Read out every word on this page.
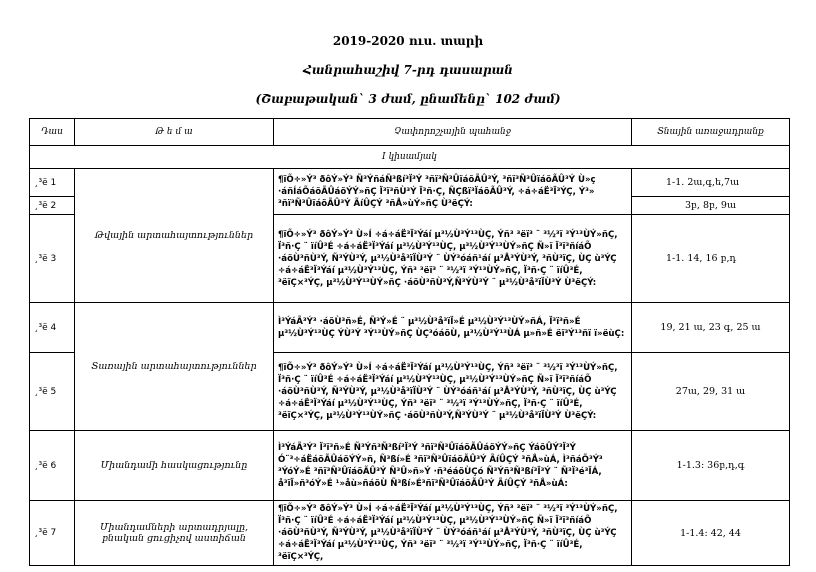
2019-2020 ուս. տարի
Հանրահաշիվ 7-րդ դասարան
(Շաբաթական` 3 ժամ, ընամենը` 102 ժամ)
Դաս	Թ ե մ ա	Չափորոշչային պահանջ	Տնային առաջադրանք
I կիսամյակ			
¸³ë 1	Թվային արտահայտություններ	¶ïÕ÷»Ý³ ðôÝ»Ý³ Ñ³ÝñáÑ³ßí³Ï³Ý ³ñï³Ñ³ÛïáõÃÛ³Ý, ³ñï³Ñ³ÛïáõÃÛ³Ý Ù»ç ·áñÍáÕáõÃÛáõÝÝ»ñÇ Ï³ï³ñÙ³Ý Ï³ñ·Ç, ÑÇßï³ÏáõÃÛ³Ý, ÷á÷áË³Ï³ÝÇ, Ý³» ³ñï³Ñ³ÛïáõÃÛ³Ý ÃíÛÇÝ ³ñÅ»ùÝ»ñÇ Ù³ëÇÝ:	1-1. 2ա,գ,ե,7ա
¸³ë 2			3բ, 8բ, 9ա
¸³ë 3		¶ïÕ÷»Ý³ ðôÝ»Ý³ Ù»Í ÷á÷áË³Ï³Ýáí µ³½Ù³Ý¹³ÙÇ, Ýñ³ ³ëï³ ¨ ³½³ï ³Ý¹³ÙÝ»ñÇ, Ï³ñ·Ç ¨ ïíÛ³É ÷á÷áË³Ï³Ýáí µ³½Ù³Ý¹³ÙÇ, µ³½Ù³Ý¹³ÙÝ»ñÇ Ñ»ï Ï³ï³ñíáÕ ·áõÙ³ñÙ³Ý, Ñ³ÝÙ³Ý, µ³½Ù³å³ïÏÙ³Ý ¨ ÙÝ³óáñ¹áí µ³Å³ÝÙ³Ý, ³ñÙ³ïÇ, ÙÇ ù³ÝÇ ÷á÷áË³Ï³Ýáí µ³½Ù³Ý¹³ÙÇ, Ýñ³ ³ëï³ ¨ ³½³ï ³Ý¹³ÙÝ»ñÇ, Ï³ñ·Ç ¨ ïíÛ³É, ³ëïÇ×³ÝÇ, µ³½Ù³Ý¹³ÙÝ»ñÇ ·áõÙ³ñÙ³Ý,Ñ³ÝÙ³Ý ¨ µ³½Ù³å³ïÏÙ³Ý Ù³ëÇÝ:	1-1. 14, 16 բ,դ
¸³ë 4	Տառային արտահայտություններ	Ì³ÝáÃ³Ý³ ·áõÙ³ñ»É, Ñ³Ý»É ¨ µ³½Ù³å³ïÏ»É µ³½Ù³Ý¹³ÙÝ»ñÁ, Ï³ï³ñ»É µ³½Ù³Ý¹³ÙÇ ÝÙ³Ý ³Ý¹³ÙÝ»ñÇ ÙÇ³óáõÙ, µ³½Ù³Ý¹³ÙÁ µ»ñ»É ëï³Ý¹³ñï ï»ëùÇ:	19, 21 ա, 23 գ, 25 ա
¸³ë 5		¶ïÕ÷»Ý³ ðôÝ»Ý³ Ù»Í ÷á÷áË³Ï³Ýáí µ³½Ù³Ý¹³ÙÇ, Ýñ³ ³ëï³ ¨ ³½³ï ³Ý¹³ÙÝ»ñÇ, Ï³ñ·Ç ¨ ïíÛ³É ÷á÷áË³Ï³Ýáí µ³½Ù³Ý¹³ÙÇ, µ³½Ù³Ý¹³ÙÝ»ñÇ Ñ»ï Ï³ï³ñíáÕ ·áõÙ³ñÙ³Ý, Ñ³ÝÙ³Ý, µ³½Ù³å³ïÏÙ³Ý ¨ ÙÝ³óáñ¹áí µ³Å³ÝÙ³Ý, ³ñÙ³ïÇ, ÙÇ ù³ÝÇ ÷á÷áË³Ï³Ýáí µ³½Ù³Ý¹³ÙÇ, Ýñ³ ³ëï³ ¨ ³½³ï ³Ý¹³ÙÝ»ñÇ, Ï³ñ·Ç ¨ ïíÛ³É, ³ëïÇ×³ÝÇ, µ³½Ù³Ý¹³ÙÝ»ñÇ ·áõÙ³ñÙ³Ý,Ñ³ÝÙ³Ý ¨ µ³½Ù³å³ïÏÙ³Ý Ù³ëÇÝ:	27ա, 29, 31 ա
¸³ë 6	Միանդամի հասկացությունը	Ì³ÝáÃ³Ý³ Ï³ï³ñ»É Ñ³Ýñ³Ñ³ßí³Ï³Ý ³ñï³Ñ³ÛïáõÃÛáõÝÝ»ñÇ ÝáõÛÝ³Ï³Ý Ó¨³÷áËáõÃÛáõÝÝ»ñ, Ñ³ßí»É ³ñï³Ñ³ÛïáõÃÛ³Ý ÃíÛÇÝ ³ñÅ»ùÁ, Ì³ñáÕ³Ý³ ³ÝóÝ»É ³ñï³Ñ³ÛïáõÃÛ³Ý Ñ³Û»ñ»Ý ·ñ³éáõÙÇó Ñ³Ýñ³Ñ³ßí³Ï³Ý ¨ Ñ³Ï³é³ÏÁ, å³ïÏ»ñ³óÝ»É ¹»åù»ñáõÙ Ñ³ßí»É³ñï³Ñ³ÛïáõÃÛ³Ý ÃíÛÇÝ ³ñÅ»ùÁ:	1-1.3: 36բ,դ,գ
¸³ë 7	Միանդամների արտադրյալը, բնական ցուցիչով աստիճան	¶ïÕ÷»Ý³ ðôÝ»Ý³ Ù»Í ÷á÷áË³Ï³Ýáí µ³½Ù³Ý¹³ÙÇ, Ýñ³ ³ëï³ ¨ ³½³ï ³Ý¹³ÙÝ»ñÇ, Ï³ñ·Ç ¨ ïíÛ³É ÷á÷áË³Ï³Ýáí µ³½Ù³Ý¹³ÙÇ, µ³½Ù³Ý¹³ÙÝ»ñÇ Ñ»ï Ï³ï³ñíáÕ ·áõÙ³ñÙ³Ý, Ñ³ÝÙ³Ý, µ³½Ù³å³ïÏÙ³Ý ¨ ÙÝ³óáñ¹áí µ³Å³ÝÙ³Ý, ³ñÙ³ïÇ, ÙÇ ù³ÝÇ ÷á÷áË³Ï³Ýáí µ³½Ù³Ý¹³ÙÇ, Ýñ³ ³ëï³ ¨ ³½³ï ³Ý¹³ÙÝ»ñÇ, Ï³ñ·Ç ¨ ïíÛ³É, ³ëïÇ×³ÝÇ,	1-1.4: 42, 44
